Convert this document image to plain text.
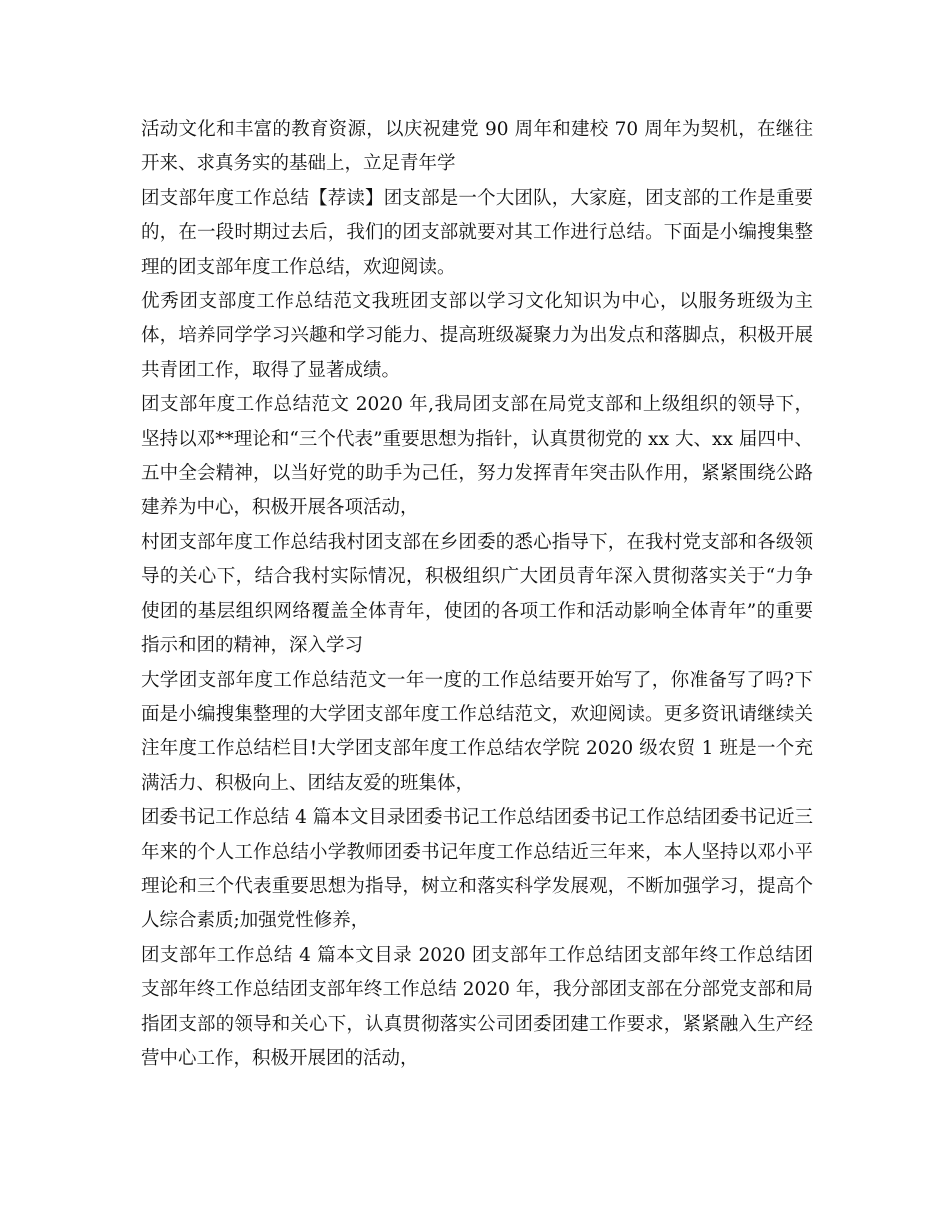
活动文化和丰富的教育资源，以庆祝建党 90 周年和建校 70 周年为契机，在继往开来、求真务实的基础上，立足青年学

团支部年度工作总结【荐读】团支部是一个大团队，大家庭，团支部的工作是重要的，在一段时期过去后，我们的团支部就要对其工作进行总结。下面是小编搜集整理的团支部年度工作总结，欢迎阅读。

优秀团支部度工作总结范文我班团支部以学习文化知识为中心，以服务班级为主体，培养同学学习兴趣和学习能力、提高班级凝聚力为出发点和落脚点，积极开展共青团工作，取得了显著成绩。

团支部年度工作总结范文 2020 年,我局团支部在局党支部和上级组织的领导下，坚持以邓**理论和“三个代表”重要思想为指针，认真贯彻党的 xx 大、xx 届四中、五中全会精神，以当好党的助手为己任，努力发挥青年突击队作用，紧紧围绕公路建养为中心，积极开展各项活动，

村团支部年度工作总结我村团支部在乡团委的悉心指导下，在我村党支部和各级领导的关心下，结合我村实际情况，积极组织广大团员青年深入贯彻落实关于“力争使团的基层组织网络覆盖全体青年，使团的各项工作和活动影响全体青年”的重要指示和团的精神，深入学习

大学团支部年度工作总结范文一年一度的工作总结要开始写了，你准备写了吗?下面是小编搜集整理的大学团支部年度工作总结范文，欢迎阅读。更多资讯请继续关注年度工作总结栏目!大学团支部年度工作总结农学院 2020 级农贸 1 班是一个充满活力、积极向上、团结友爱的班集体，

团委书记工作总结 4 篇本文目录团委书记工作总结团委书记工作总结团委书记近三年来的个人工作总结小学教师团委书记年度工作总结近三年来，本人坚持以邓小平理论和三个代表重要思想为指导，树立和落实科学发展观，不断加强学习，提高个人综合素质;加强党性修养，

团支部年工作总结 4 篇本文目录 2020 团支部年工作总结团支部年终工作总结团支部年终工作总结团支部年终工作总结 2020 年，我分部团支部在分部党支部和局指团支部的领导和关心下，认真贯彻落实公司团委团建工作要求，紧紧融入生产经营中心工作，积极开展团的活动，
